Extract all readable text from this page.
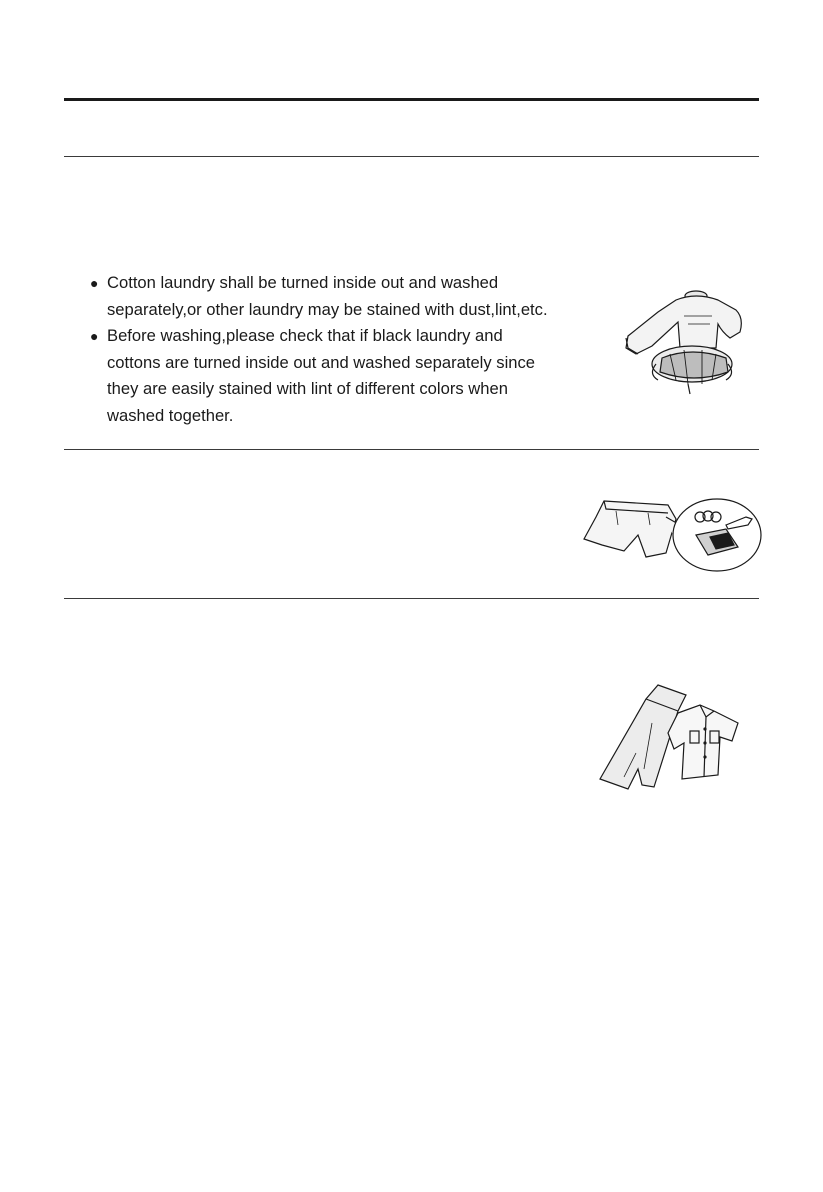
● Cotton laundry shall be turned inside out and washed
separately,or other laundry may be stained with dust,lint,etc.
● Before washing,please check that if black laundry and
cottons are turned inside out and washed separately since
they are easily stained with lint of different colors when
washed together.
